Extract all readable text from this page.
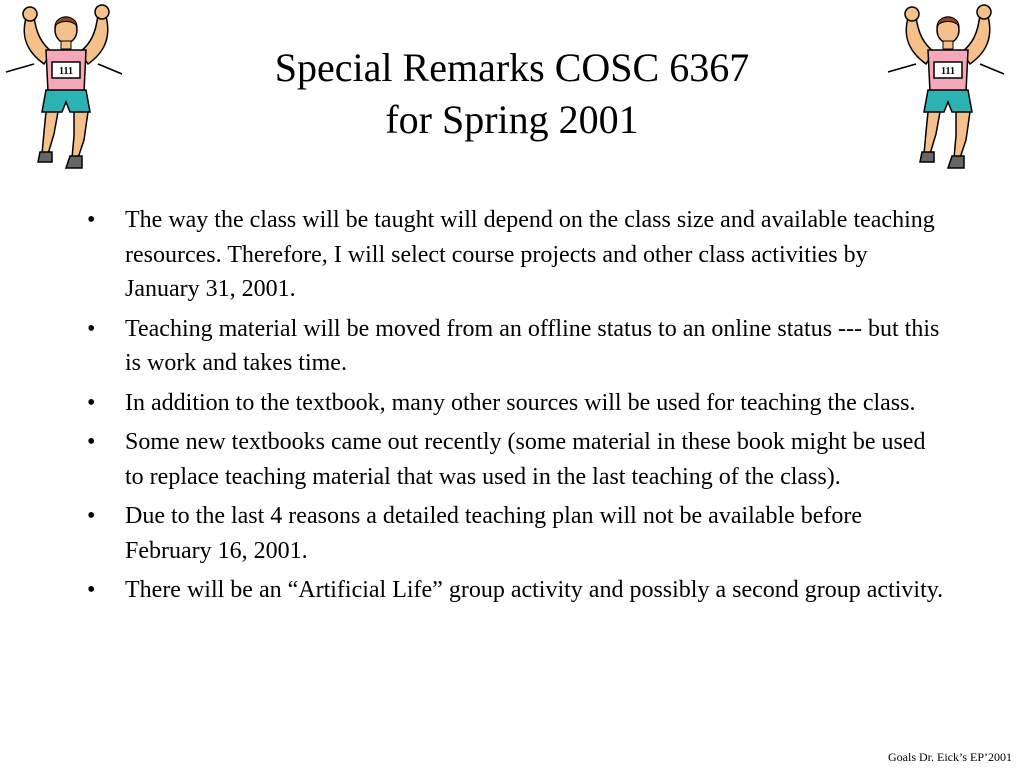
111	111
Special Remarks COSC 6367
for Spring 2001
• The way the class will be taught will depend on the class size and available teaching resources. Therefore, I will select course projects and other class activities by January 31, 2001.
• Teaching material will be moved from an offline status to an online status --- but this is work and takes time.
• In addition to the textbook, many other sources will be used for teaching the class.
• Some new textbooks came out recently (some material in these book might be used to replace teaching material that was used in the last teaching of the class).
• Due to the last 4 reasons a detailed teaching plan will not be available before February 16, 2001.
• There will be an “Artificial Life” group activity and possibly a second group activity.
Goals Dr. Eick’s EP’2001
